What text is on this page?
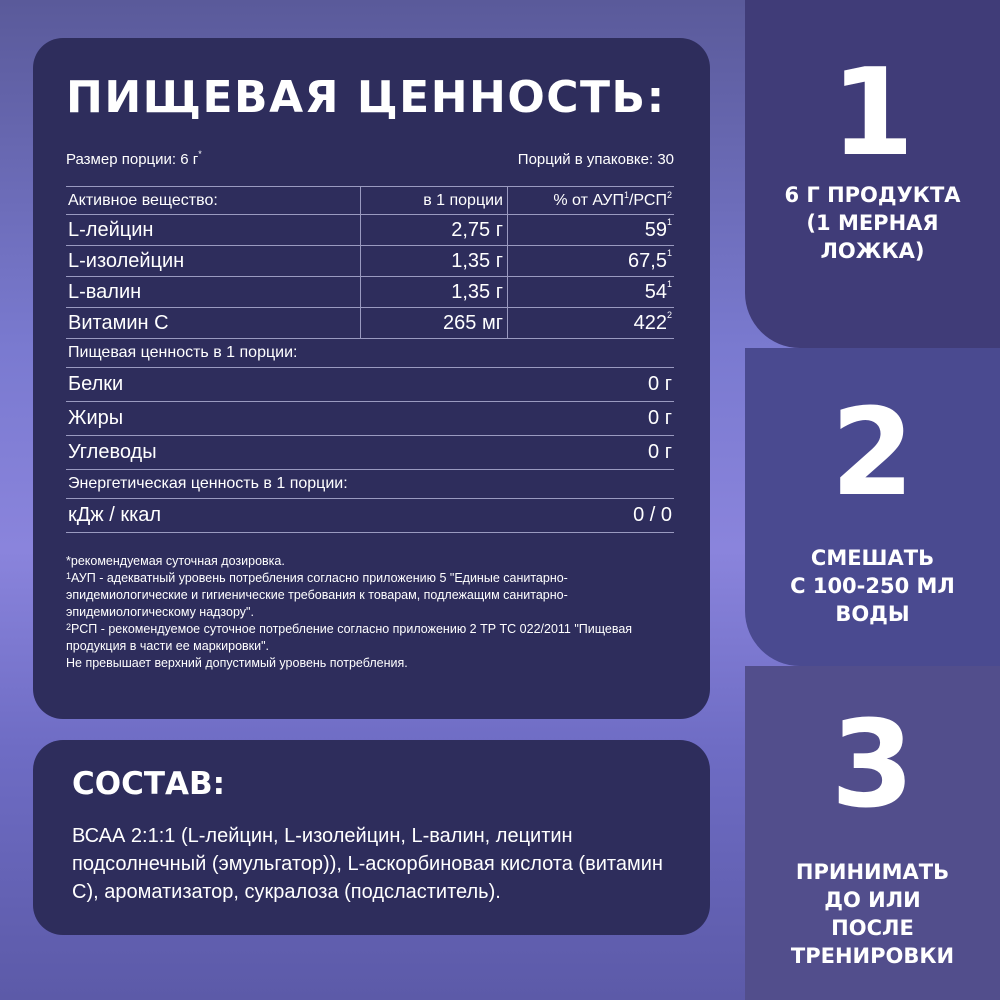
ПИЩЕВАЯ ЦЕННОСТЬ:
Размер порции: 6 г*	Порций в упаковке: 30
Активное вещество:	в 1 порции	% от АУП$^1$/РСП$^2$
L-лейцин	2,75 г	$59^1$
L-изолейцин	1,35 г	67,5$^1$
L-валин	1,35 г	$54^1$
Витамин С	265 мг	$422^2$
Пищевая ценность в 1 порции:		
Белки		0 г
Жиры		0 г
Углеводы		0 г
Энергетическая ценность в 1 порции:		
кДж / ккал		0 / 0
*рекомендуемая суточная дозировка.
$^1$АУП - адекватный уровень потребления согласно приложению 5 "Единые санитарно-эпидемиологические и гигиенические требования к товарам, подлежащим санитарно-эпидемиологическому надзору".
$^2$РСП - рекомендуемое суточное потребление согласно приложению 2 ТР ТС 022/2011 "Пищевая продукция в части ее маркировки".
Не превышает верхний допустимый уровень потребления.
СОСТАВ:
ВСАА 2:1:1 (L-лейцин, L-изолейцин, L-валин, лецитин подсолнечный (эмульгатор)), L-аскорбиновая кислота (витамин С), ароматизатор, сукралоза (подсластитель).
1
6 Г ПРОДУКТА
(1 МЕРНАЯ
ЛОЖКА)
2
СМЕШАТЬ
С 100-250 МЛ
ВОДЫ
3
ПРИНИМАТЬ
ДО ИЛИ
ПОСЛЕ
ТРЕНИРОВКИ
